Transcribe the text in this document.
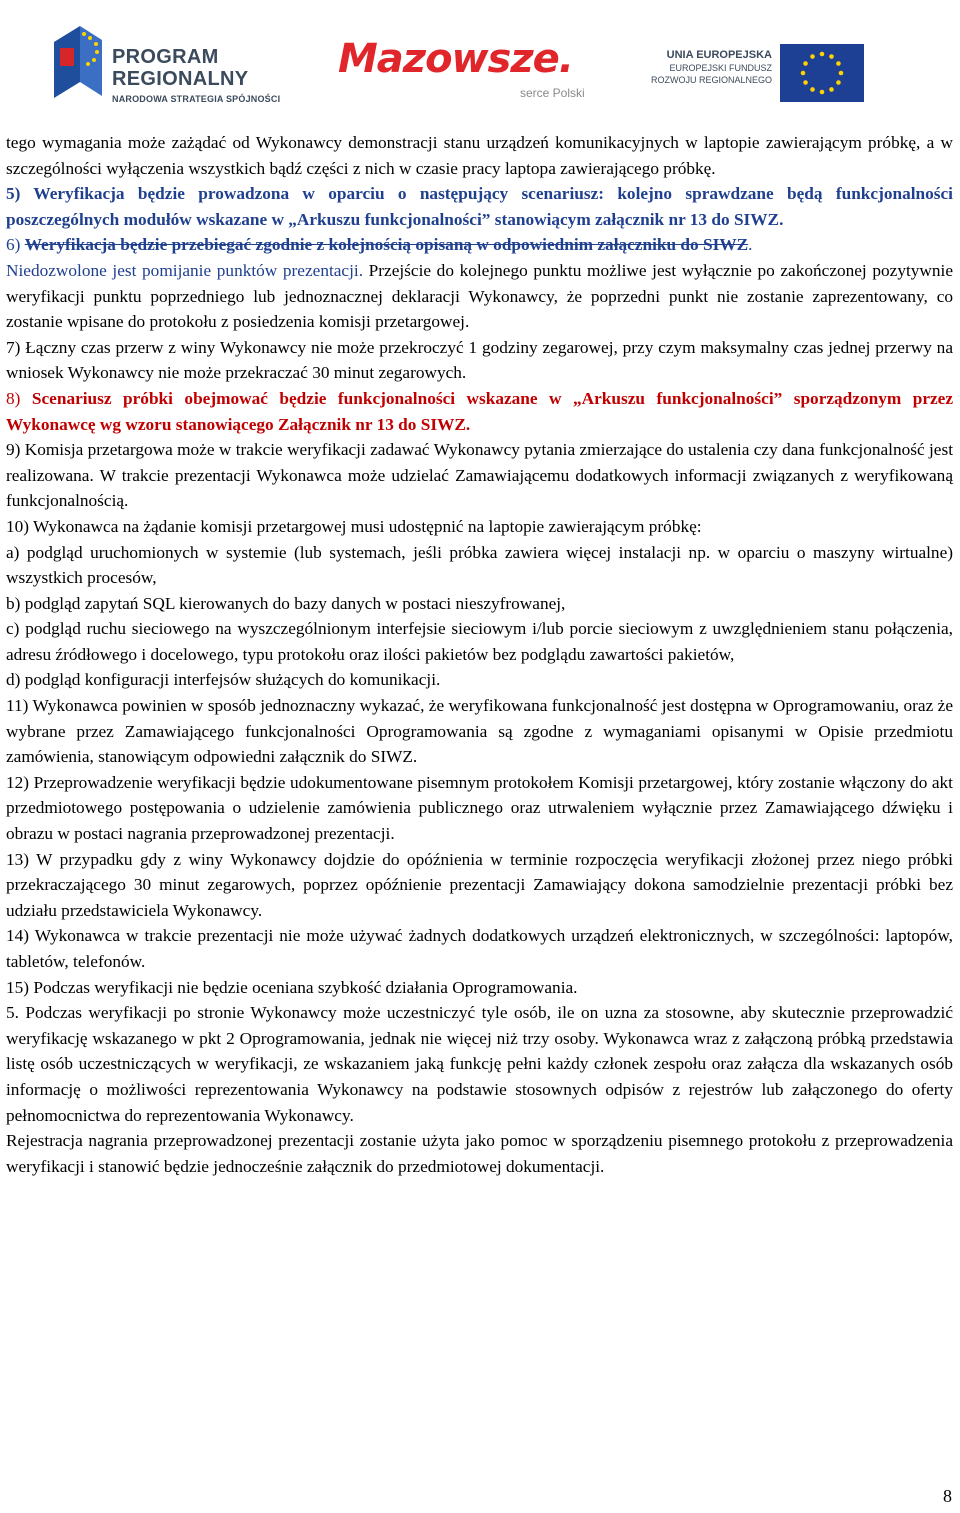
PROGRAM
REGIONALNY
NARODOWA STRATEGIA SPÓJNOŚCI
Mazowsze.
serce Polski
UNIA EUROPEJSKA
EUROPEJSKI FUNDUSZ
ROZWOJU REGIONALNEGO

tego wymagania może zażądać od Wykonawcy demonstracji stanu urządzeń komunikacyjnych w laptopie zawierającym próbkę, a w szczególności wyłączenia wszystkich bądź części z nich w czasie pracy laptopa zawierającego próbkę.

5) Weryfikacja będzie prowadzona w oparciu o następujący scenariusz: kolejno sprawdzane będą funkcjonalności poszczególnych modułów wskazane w „Arkuszu funkcjonalności” stanowiącym załącznik nr 13 do SIWZ.

6) Weryfikacja będzie przebiegać zgodnie z kolejnością opisaną w odpowiednim załączniku do SIWZ.

Niedozwolone jest pomijanie punktów prezentacji. Przejście do kolejnego punktu możliwe jest wyłącznie po zakończonej pozytywnie weryfikacji punktu poprzedniego lub jednoznacznej deklaracji Wykonawcy, że poprzedni punkt nie zostanie zaprezentowany, co zostanie wpisane do protokołu z posiedzenia komisji przetargowej.

7) Łączny czas przerw z winy Wykonawcy nie może przekroczyć 1 godziny zegarowej, przy czym maksymalny czas jednej przerwy na wniosek Wykonawcy nie może przekraczać 30 minut zegarowych.

8) Scenariusz próbki obejmować będzie funkcjonalności wskazane w „Arkuszu funkcjonalności” sporządzonym przez Wykonawcę wg wzoru stanowiącego Załącznik nr 13 do SIWZ.

9) Komisja przetargowa może w trakcie weryfikacji zadawać Wykonawcy pytania zmierzające do ustalenia czy dana funkcjonalność jest realizowana. W trakcie prezentacji Wykonawca może udzielać Zamawiającemu dodatkowych informacji związanych z weryfikowaną funkcjonalnością.

10) Wykonawca na żądanie komisji przetargowej musi udostępnić na laptopie zawierającym próbkę:

a) podgląd uruchomionych w systemie (lub systemach, jeśli próbka zawiera więcej instalacji np. w oparciu o maszyny wirtualne) wszystkich procesów,

b) podgląd zapytań SQL kierowanych do bazy danych w postaci nieszyfrowanej,

c) podgląd ruchu sieciowego na wyszczególnionym interfejsie sieciowym i/lub porcie sieciowym z uwzględnieniem stanu połączenia, adresu źródłowego i docelowego, typu protokołu oraz ilości pakietów bez podglądu zawartości pakietów,

d) podgląd konfiguracji interfejsów służących do komunikacji.

11) Wykonawca powinien w sposób jednoznaczny wykazać, że weryfikowana funkcjonalność jest dostępna w Oprogramowaniu, oraz że wybrane przez Zamawiającego funkcjonalności Oprogramowania są zgodne z wymaganiami opisanymi w Opisie przedmiotu zamówienia, stanowiącym odpowiedni załącznik do SIWZ.

12) Przeprowadzenie weryfikacji będzie udokumentowane pisemnym protokołem Komisji przetargowej, który zostanie włączony do akt przedmiotowego postępowania o udzielenie zamówienia publicznego oraz utrwaleniem wyłącznie przez Zamawiającego dźwięku i obrazu w postaci nagrania przeprowadzonej prezentacji.

13) W przypadku gdy z winy Wykonawcy dojdzie do opóźnienia w terminie rozpoczęcia weryfikacji złożonej przez niego próbki przekraczającego 30 minut zegarowych, poprzez opóźnienie prezentacji Zamawiający dokona samodzielnie prezentacji próbki bez udziału przedstawiciela Wykonawcy.

14) Wykonawca w trakcie prezentacji nie może używać żadnych dodatkowych urządzeń elektronicznych, w szczególności: laptopów, tabletów, telefonów.

15) Podczas weryfikacji nie będzie oceniana szybkość działania Oprogramowania.

5. Podczas weryfikacji po stronie Wykonawcy może uczestniczyć tyle osób, ile on uzna za stosowne, aby skutecznie przeprowadzić weryfikację wskazanego w pkt 2 Oprogramowania, jednak nie więcej niż trzy osoby. Wykonawca wraz z załączoną próbką przedstawia listę osób uczestniczących w weryfikacji, ze wskazaniem jaką funkcję pełni każdy członek zespołu oraz załącza dla wskazanych osób informację o możliwości reprezentowania Wykonawcy na podstawie stosownych odpisów z rejestrów lub załączonego do oferty pełnomocnictwa do reprezentowania Wykonawcy.

Rejestracja nagrania przeprowadzonej prezentacji zostanie użyta jako pomoc w sporządzeniu pisemnego protokołu z przeprowadzenia weryfikacji i stanowić będzie jednocześnie załącznik do przedmiotowej dokumentacji.

8
